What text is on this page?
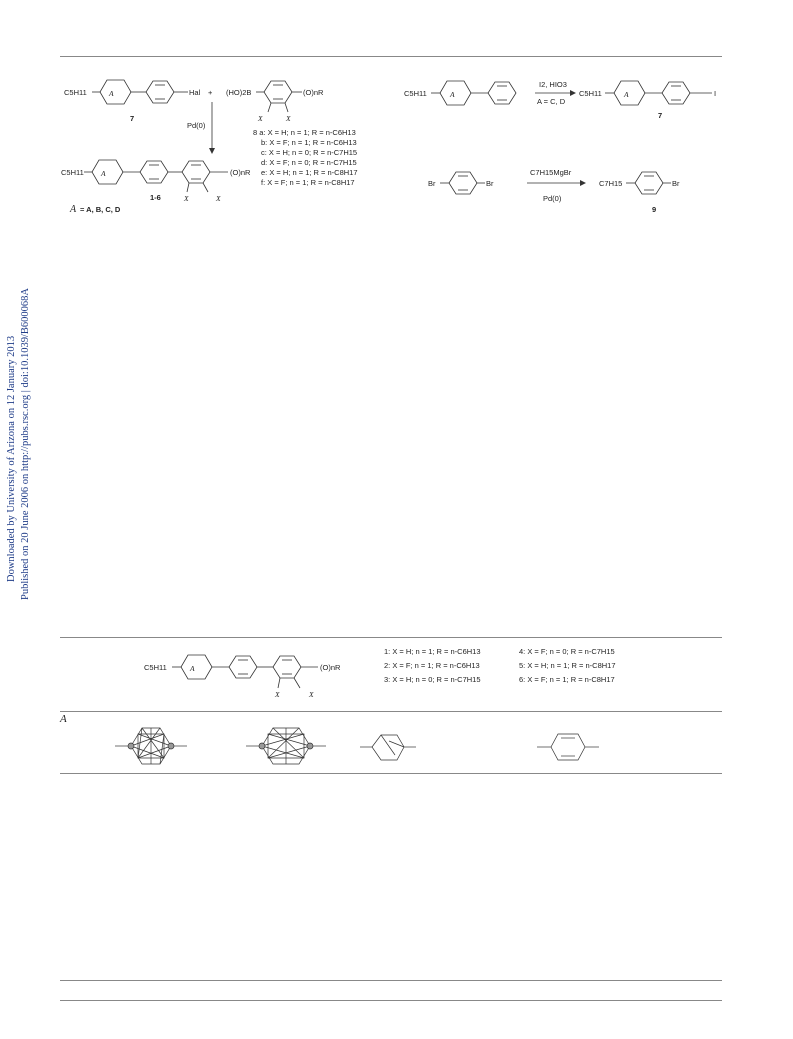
Downloaded by University of Arizona on 12 January 2013 Published on 20 June 2006 on http://pubs.rsc.org | doi:10.1039/B600068A
C5H11	A	Hal
7
+ (HO)2B	(O)nR
X	X
Pd(0)
8 a: X = H; n = 1; R = n-C6H13
b: X = F; n = 1; R = n-C6H13
c: X = H; n = 0; R = n-C7H15
d: X = F; n = 0; R = n-C7H15
e: X = H; n = 1; R = n-C8H17
f: X = F; n = 1; R = n-C8H17
C5H11 A	(O)nR
1-6	X	X
A = A, B, C, D
C5H11	A
I2, HIO3
A = C, D
C5H11	A	I
7
Br	Br
C7H15MgBr
Pd(0)
C7H15	Br
9
C5H11	A	(O)nR
X	X
1: X = H; n = 1; R = n-C6H13
2: X = F; n = 1; R = n-C6H13
3: X = H; n = 0; R = n-C7H15
4: X = F; n = 0; R = n-C7H15
5: X = H; n = 1; R = n-C8H17
6: X = F; n = 1; R = n-C8H17
A
